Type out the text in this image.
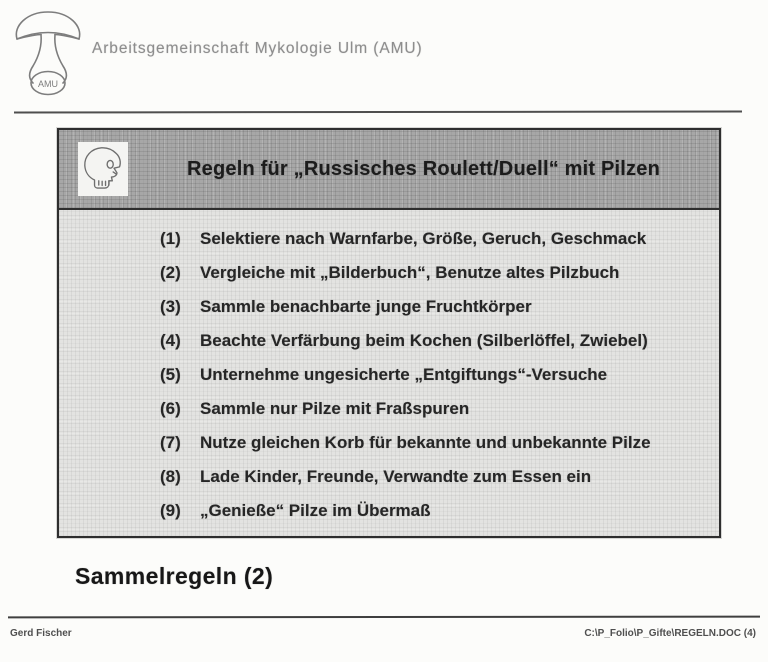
AMU
Arbeitsgemeinschaft Mykologie Ulm (AMU)
Regeln für „Russisches Roulett/Duell“ mit Pilzen
(1)	Selektiere nach Warnfarbe, Größe, Geruch, Geschmack
(2)	Vergleiche mit „Bilderbuch“, Benutze altes Pilzbuch
(3)	Sammle benachbarte junge Fruchtkörper
(4)	Beachte Verfärbung beim Kochen (Silberlöffel, Zwiebel)
(5)	Unternehme ungesicherte „Entgiftungs“-Versuche
(6)	Sammle nur Pilze mit Fraßspuren
(7)	Nutze gleichen Korb für bekannte und unbekannte Pilze
(8)	Lade Kinder, Freunde, Verwandte zum Essen ein
(9)	„Genieße“ Pilze im Übermaß
Sammelregeln (2)
Gerd Fischer	C:\P_Folio\P_Gifte\REGELN.DOC (4)
